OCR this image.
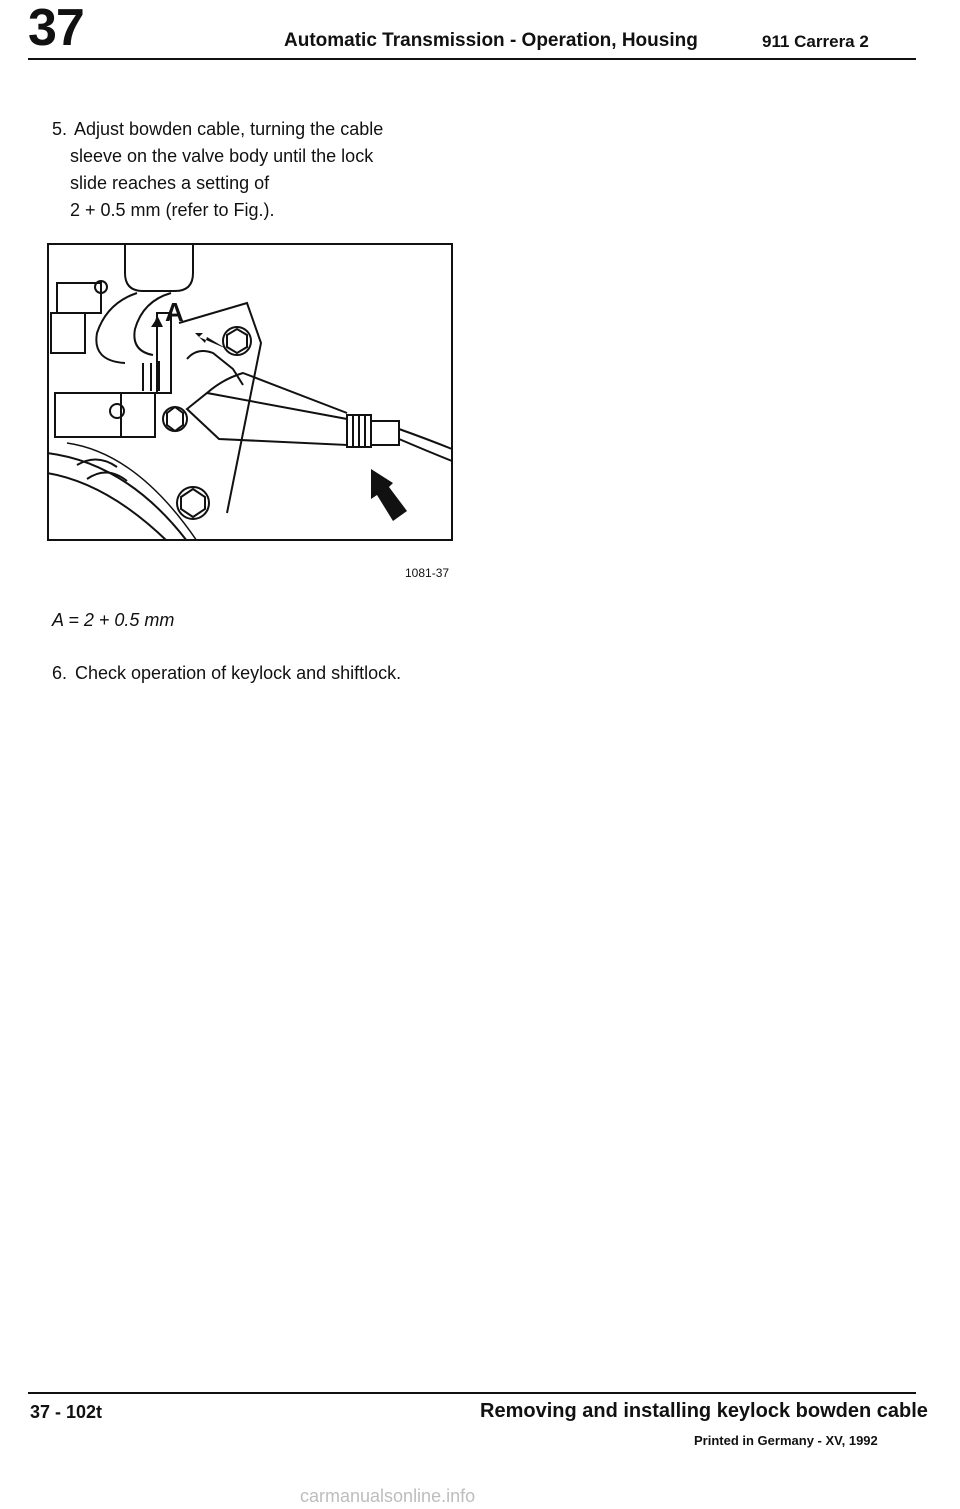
37	Automatic Transmission - Operation, Housing	911 Carrera 2
5. Adjust bowden cable, turning the cable
sleeve on the valve body until the lock
slide reaches a setting of
2 + 0.5 mm (refer to Fig.).
A
1081-37
A = 2 + 0.5 mm
6. Check operation of keylock and shiftlock.
37 - 102t	Removing and installing keylock bowden cable
Printed in Germany - XV, 1992
carmanualsonline.info
